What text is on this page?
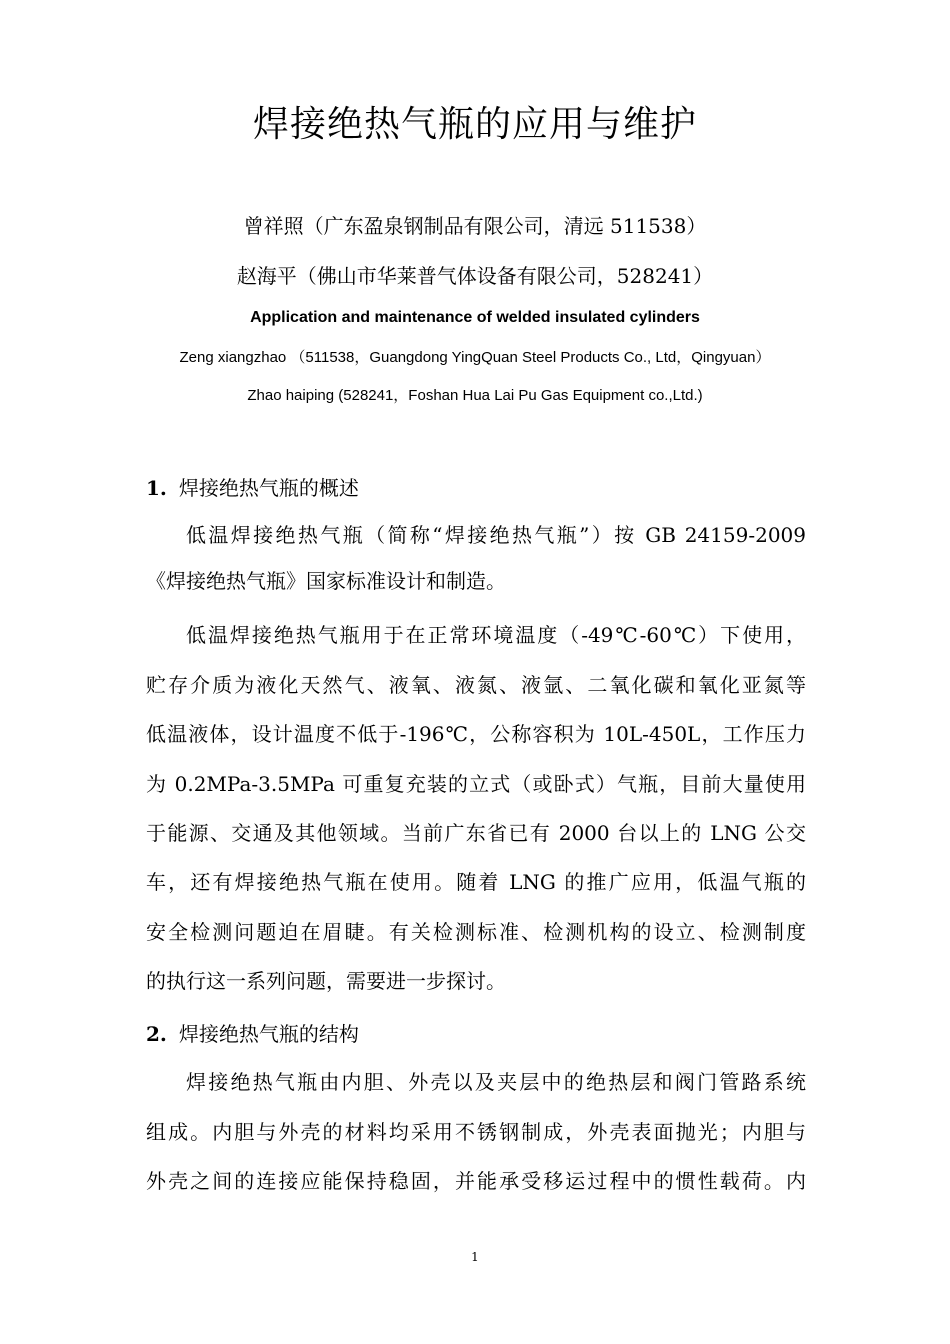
焊接绝热气瓶的应用与维护
曾祥照（广东盈泉钢制品有限公司，清远 511538）
赵海平（佛山市华莱普气体设备有限公司，528241）
Application and maintenance of welded insulated cylinders
Zeng xiangzhao （511538，Guangdong YingQuan Steel Products Co., Ltd，Qingyuan）
Zhao haiping (528241，Foshan Hua Lai Pu Gas Equipment co.,Ltd.)
1. 焊接绝热气瓶的概述
低温焊接绝热气瓶（简称“焊接绝热气瓶”）按 GB 24159-2009
《焊接绝热气瓶》国家标准设计和制造。
低温焊接绝热气瓶用于在正常环境温度（-49℃-60℃）下使用，
贮存介质为液化天然气、液氧、液氮、液氩、二氧化碳和氧化亚氮等
低温液体，设计温度不低于-196℃，公称容积为 10L-450L，工作压力
为 0.2MPa-3.5MPa 可重复充装的立式（或卧式）气瓶，目前大量使用
于能源、交通及其他领域。当前广东省已有 2000 台以上的 LNG 公交
车，还有焊接绝热气瓶在使用。随着 LNG 的推广应用，低温气瓶的
安全检测问题迫在眉睫。有关检测标准、检测机构的设立、检测制度
的执行这一系列问题，需要进一步探讨。
2. 焊接绝热气瓶的结构
焊接绝热气瓶由内胆、外壳以及夹层中的绝热层和阀门管路系统
组成。内胆与外壳的材料均采用不锈钢制成，外壳表面抛光；内胆与
外壳之间的连接应能保持稳固，并能承受移运过程中的惯性载荷。内
1
